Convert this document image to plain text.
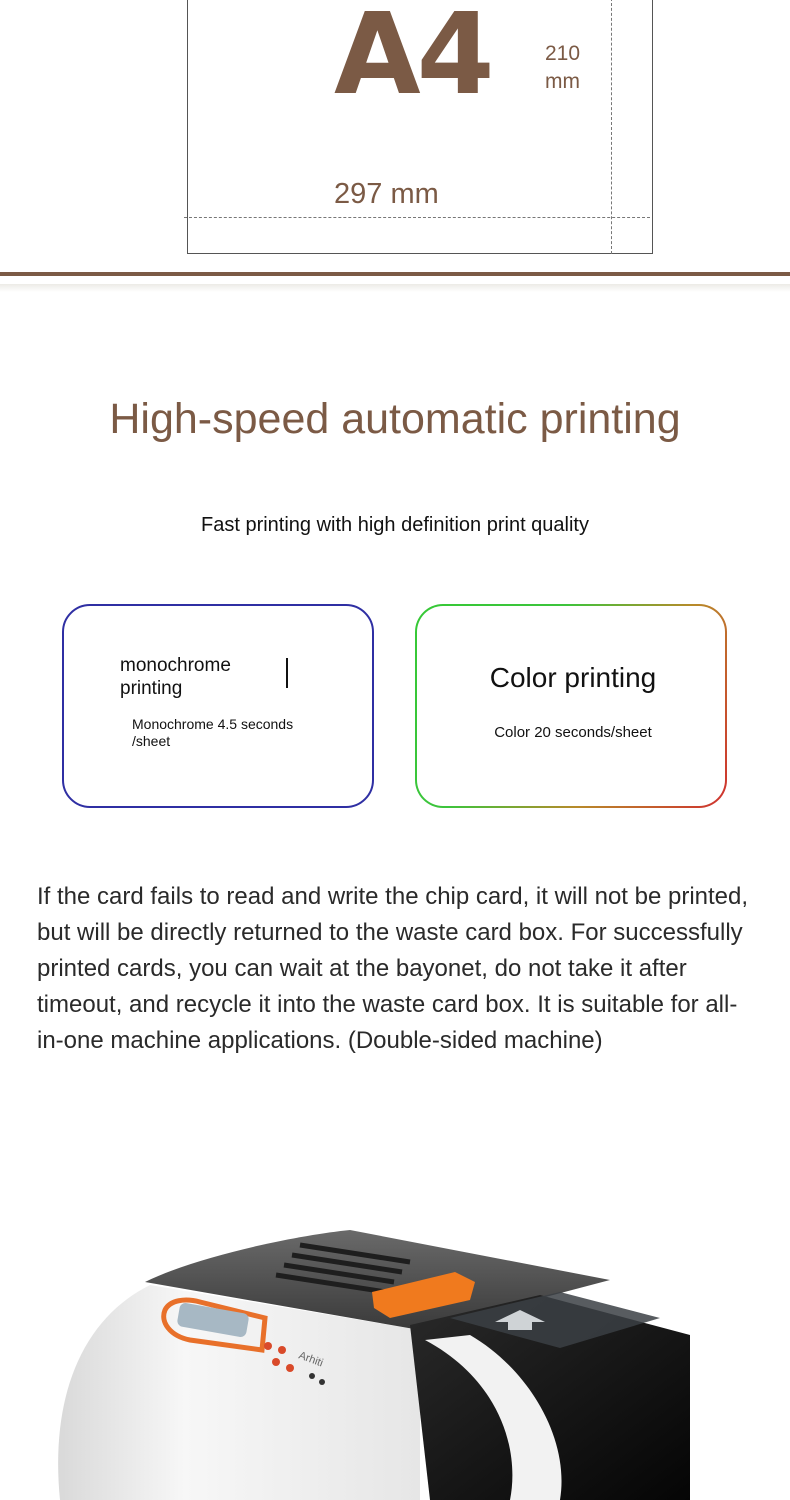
A4	210
mm
297 mm
High-speed automatic printing
Fast printing with high definition print quality
monochrome
printing
Monochrome 4.5 seconds
/sheet
Color printing
Color 20 seconds/sheet
If the card fails to read and write the chip card, it will not be printed, but will be directly returned to the waste card box. For successfully printed cards, you can wait at the bayonet, do not take it after timeout, and recycle it into the waste card box. It is suitable for all-in-one machine applications. (Double-sided machine)
Arhiti
